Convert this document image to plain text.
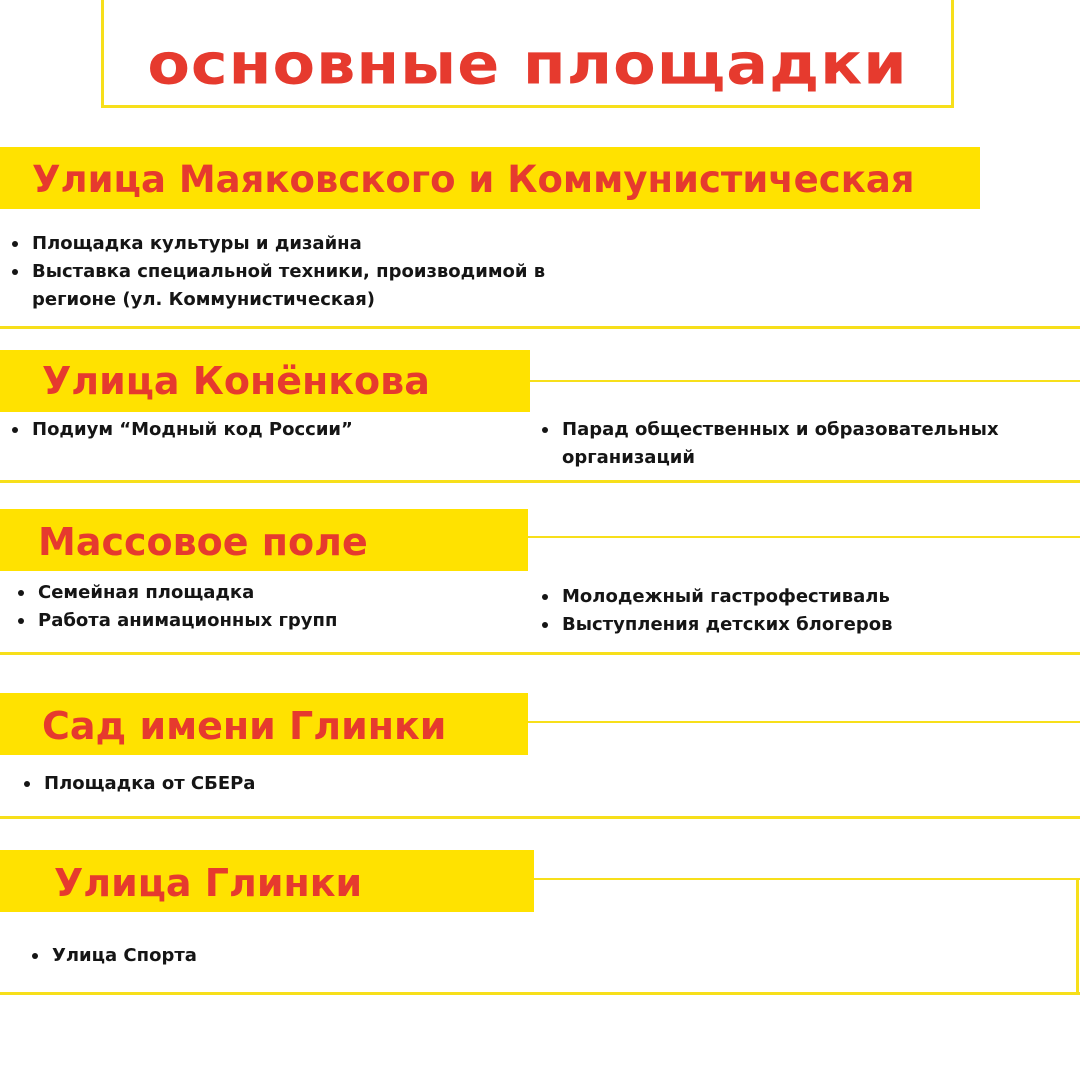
основные площадки
Улица Маяковского и Коммунистическая
Площадка культуры и дизайна
Выставка специальной техники, производимой в регионе (ул. Коммунистическая)
Улица Конёнкова
Подиум “Модный код России”	Парад общественных и образовательных организаций
Массовое поле
Семейная площадка
Работа анимационных групп
Молодежный гастрофестиваль
Выступления детских блогеров
Сад имени Глинки
Площадка от СБЕРа
Улица Глинки
Улица Спорта
